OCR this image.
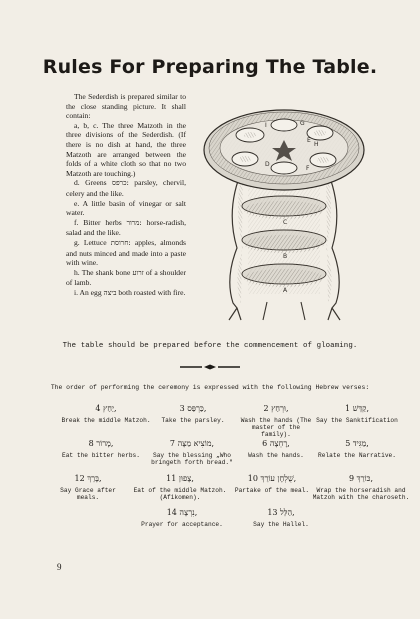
Rules For Preparing The Table.

The Sederdish is prepared similar to the close standing picture. It shall contain:

a, b, c. The three Matzoth in the three divisions of the Sederdish. (If there is no dish at hand, the three Matzoth are arranged between the folds of a white cloth so that no two Matzoth are touching.)

d. Greens כרפס: parsley, chervil, celery and the like.

e. A little basin of vinegar or salt water.

f. Bitter herbs מרור: horse-radish, salad and the like.

g. Lettuce חרוסת: apples, almonds and nuts minced and made into a paste with wine.

h. The shank bone זרוע of a shoulder of lamb.

i. An egg ביצה both roasted with fire.

I	G
E
H
D
F
C
B
A
The table should be prepared before the commencement of gloaming.
The order of performing the ceremony is expressed with the following Hebrew verses:
1 קַדֵּשׁ,
Say the Sanktification
2 וּרְחַץ,
Wash the hands (The master of the family).
3 כַּרְפַּס,
Take the parsley.
4 יַחַץ,
Break the middle Matzoh.
5 מַגִּיד,
Relate the Narrative.
6 רָחְצָה,
Wash the hands.
7 מוֹצִיא מַצָּה,
Say the blessing „Who bringeth forth bread."
8 מָרוֹר,
Eat the bitter herbs.
9 כּוֹרֵךְ,
Wrap the horseradish and Matzoh with the charoseth.
10 שֻׁלְחָן עוֹרֵךְ,
Partake of the meal.
11 צָפוּן,
Eat of the middle Matzoh. (Afikomen).
12 בָּרֵךְ,
Say Grace after meals.
13 הַלֵּל,
Say the Hallel.
14 נִרְצָה,
Prayer for acceptance.
9
